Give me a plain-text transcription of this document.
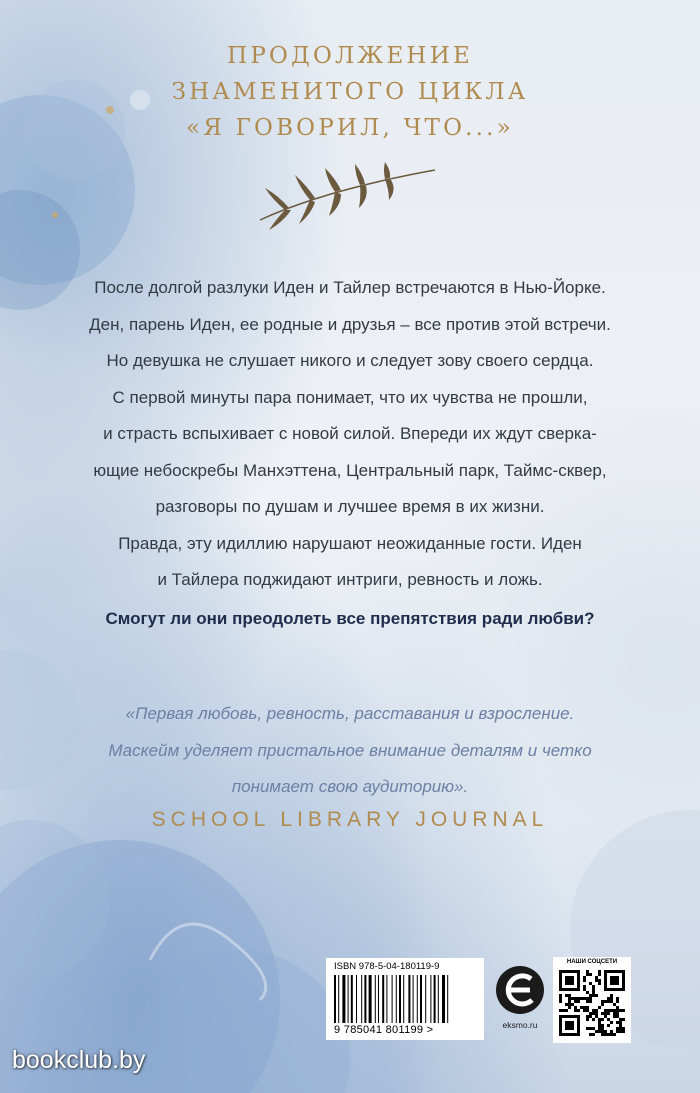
ПРОДОЛЖЕНИЕ
ЗНАМЕНИТОГО ЦИКЛА
«Я ГОВОРИЛ, ЧТО...»
После долгой разлуки Иден и Тайлер встречаются в Нью-Йорке.
Ден, парень Иден, ее родные и друзья – все против этой встречи.
Но девушка не слушает никого и следует зову своего сердца.
С первой минуты пара понимает, что их чувства не прошли,
и страсть вспыхивает с новой силой. Впереди их ждут сверка-
ющие небоскребы Манхэттена, Центральный парк, Таймс-сквер,
разговоры по душам и лучшее время в их жизни.
Правда, эту идиллию нарушают неожиданные гости. Иден
и Тайлера поджидают интриги, ревность и ложь.
Смогут ли они преодолеть все препятствия ради любви?
«Первая любовь, ревность, расставания и взросление.
Маскейм уделяет пристальное внимание деталям и четко
понимает свою аудиторию».
SCHOOL LIBRARY JOURNAL
ISBN 978-5-04-180119-9
9 785041 801199 >	eksmo.ru
НАШИ СОЦСЕТИ
bookclub.by
